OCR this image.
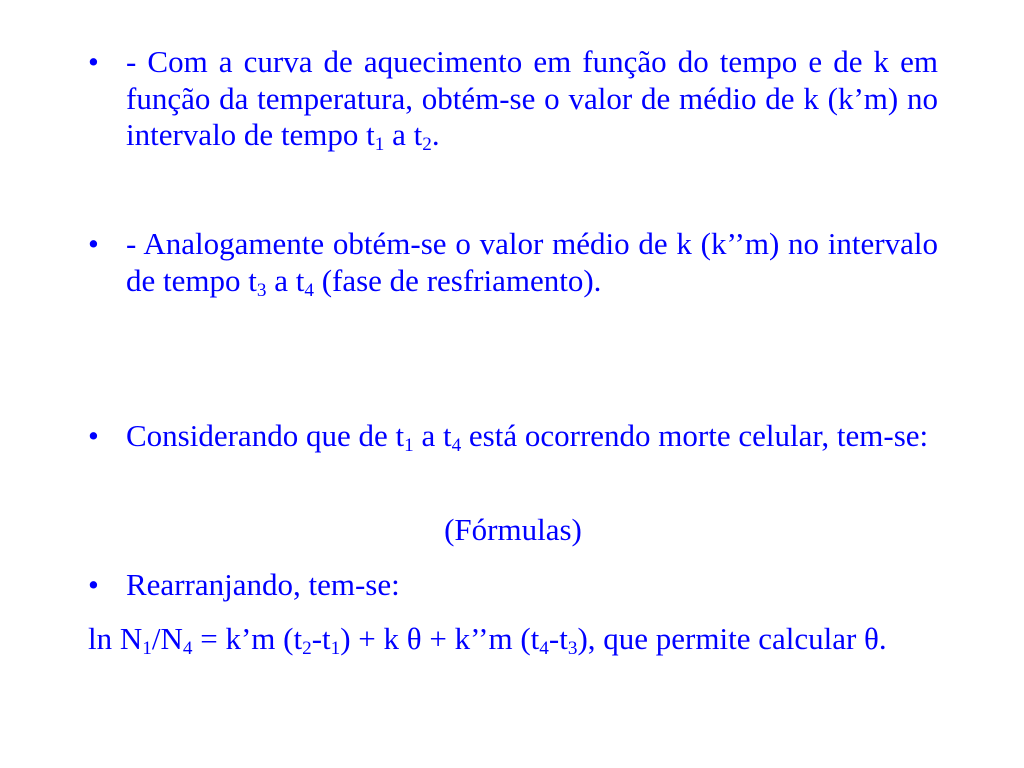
• - Com a curva de aquecimento em função do tempo e de k em função da temperatura, obtém-se o valor de médio de k (k’m) no intervalo de tempo $t_1$ a $t_2$.
• - Analogamente obtém-se o valor médio de k (k’’m) no intervalo de tempo $t_3$ a $t_4$ (fase de resfriamento).
• Considerando que de $t_1$ a $t_4$ está ocorrendo morte celular, tem-se:
(Fórmulas)
• Rearranjando, tem-se:
$\ln N_1/N_4$ = k’m $(t_2-t_1) + k$ θ + k’’m $(t_4-t_3)$, que permite calcular θ.
